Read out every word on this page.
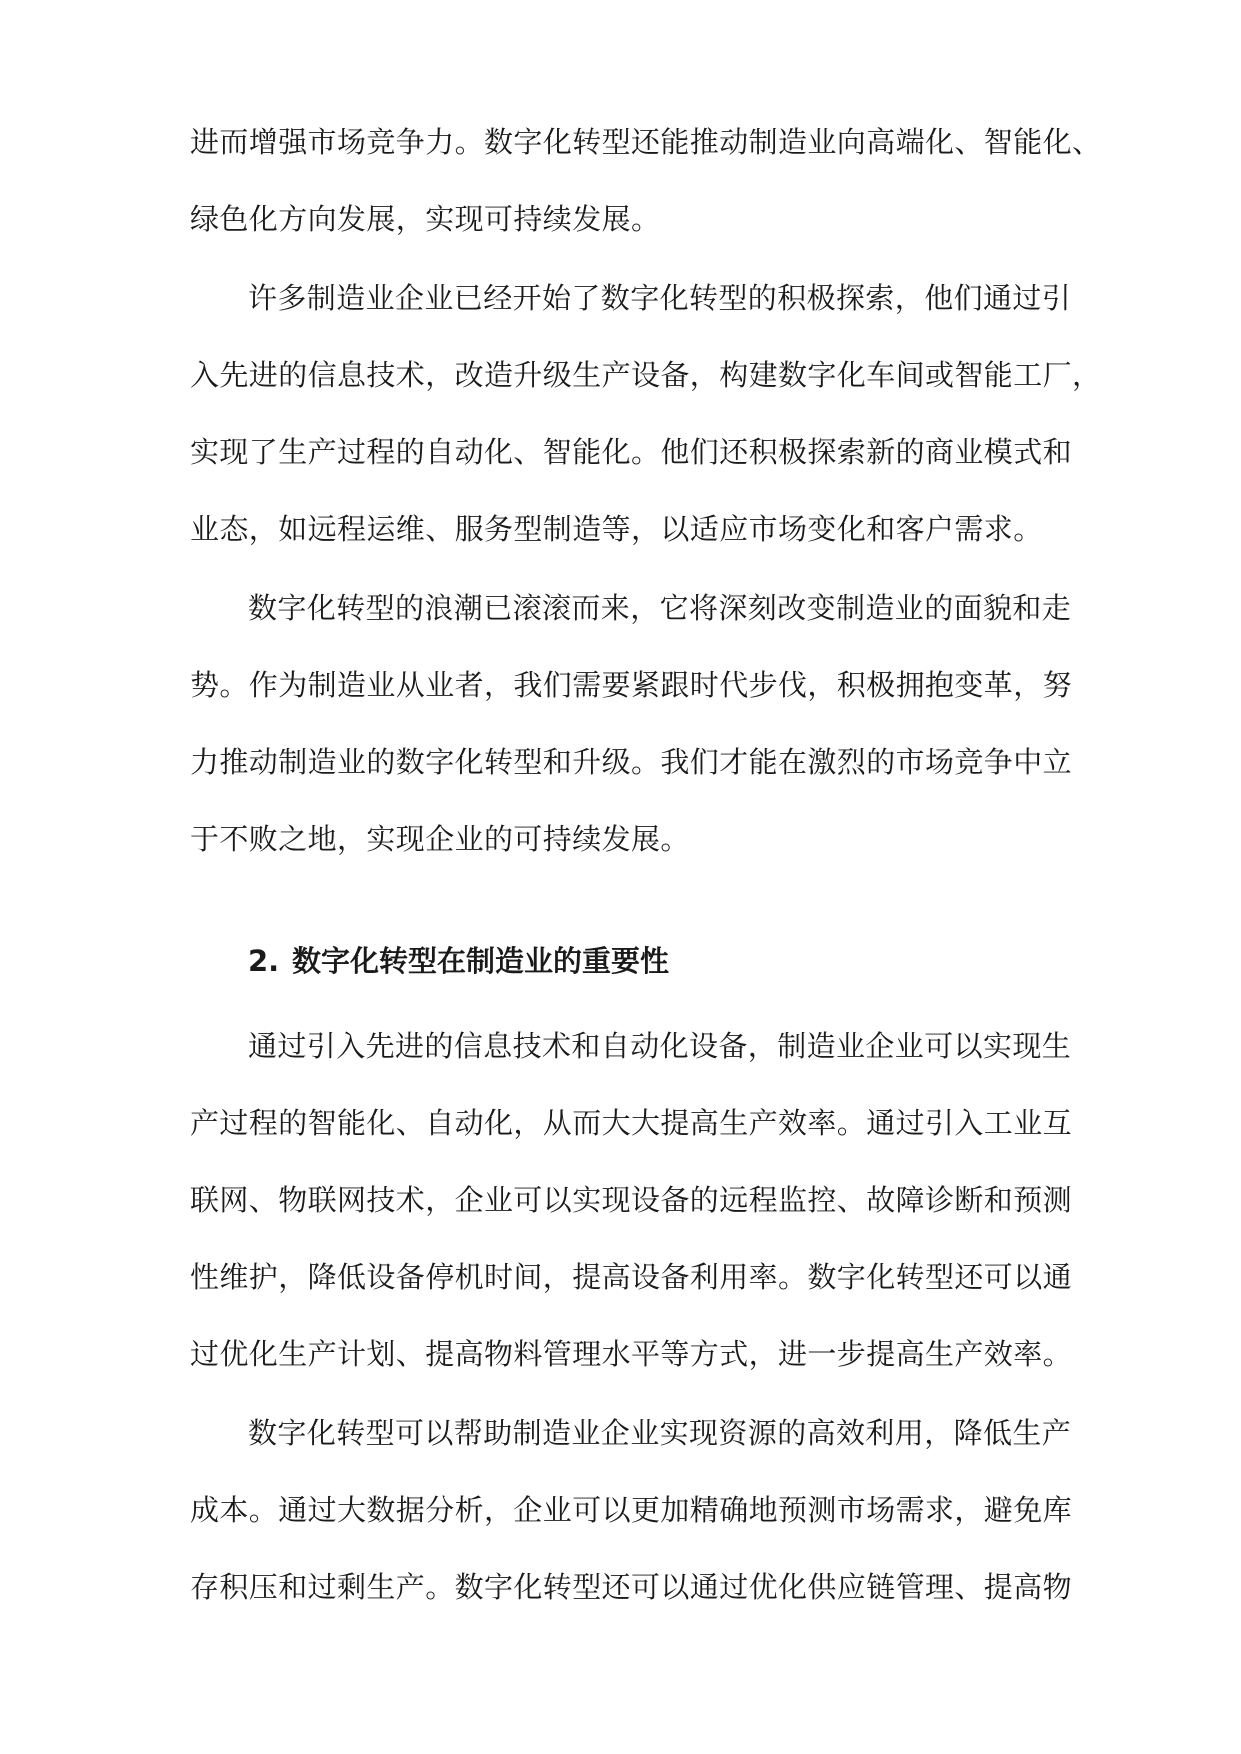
进而增强市场竞争力。数字化转型还能推动制造业向高端化、智能化、

绿色化方向发展，实现可持续发展。

许多制造业企业已经开始了数字化转型的积极探索，他们通过引

入先进的信息技术，改造升级生产设备，构建数字化车间或智能工厂，

实现了生产过程的自动化、智能化。他们还积极探索新的商业模式和

业态，如远程运维、服务型制造等，以适应市场变化和客户需求。

数字化转型的浪潮已滚滚而来，它将深刻改变制造业的面貌和走

势。作为制造业从业者，我们需要紧跟时代步伐，积极拥抱变革，努

力推动制造业的数字化转型和升级。我们才能在激烈的市场竞争中立

于不败之地，实现企业的可持续发展。

2. 数字化转型在制造业的重要性

通过引入先进的信息技术和自动化设备，制造业企业可以实现生

产过程的智能化、自动化，从而大大提高生产效率。通过引入工业互

联网、物联网技术，企业可以实现设备的远程监控、故障诊断和预测

性维护，降低设备停机时间，提高设备利用率。数字化转型还可以通

过优化生产计划、提高物料管理水平等方式，进一步提高生产效率。

数字化转型可以帮助制造业企业实现资源的高效利用，降低生产

成本。通过大数据分析，企业可以更加精确地预测市场需求，避免库

存积压和过剩生产。数字化转型还可以通过优化供应链管理、提高物
